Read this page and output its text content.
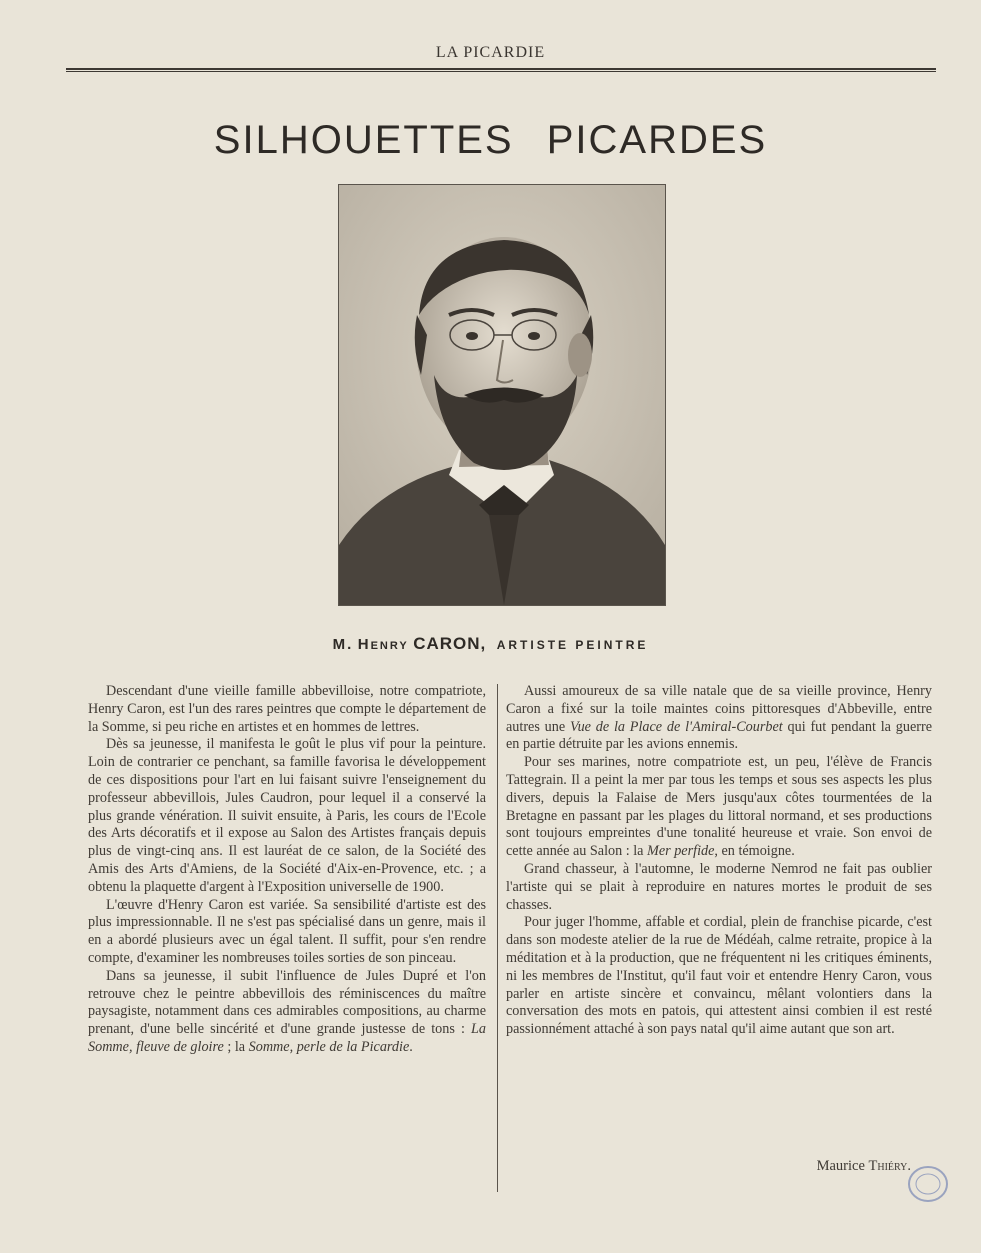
LA PICARDIE
SILHOUETTES PICARDES
M. Henry CARON, ARTISTE PEINTRE

Descendant d'une vieille famille abbevilloise, notre compatriote, Henry Caron, est l'un des rares peintres que compte le département de la Somme, si peu riche en artistes et en hommes de lettres.

Dès sa jeunesse, il manifesta le goût le plus vif pour la peinture. Loin de contrarier ce penchant, sa famille favorisa le développement de ces dispositions pour l'art en lui faisant suivre l'enseignement du professeur abbevillois, Jules Caudron, pour lequel il a conservé la plus grande vénération. Il suivit ensuite, à Paris, les cours de l'Ecole des Arts décoratifs et il expose au Salon des Artistes français depuis plus de vingt-cinq ans. Il est lauréat de ce salon, de la Société des Amis des Arts d'Amiens, de la Société d'Aix-en-Provence, etc. ; a obtenu la plaquette d'argent à l'Exposition universelle de 1900.

L'œuvre d'Henry Caron est variée. Sa sensibilité d'artiste est des plus impressionnable. Il ne s'est pas spécialisé dans un genre, mais il en a abordé plusieurs avec un égal talent. Il suffit, pour s'en rendre compte, d'examiner les nombreuses toiles sorties de son pinceau.

Dans sa jeunesse, il subit l'influence de Jules Dupré et l'on retrouve chez le peintre abbevillois des réminiscences du maître paysagiste, notamment dans ces admirables compositions, au charme prenant, d'une belle sincérité et d'une grande justesse de tons : La Somme, fleuve de gloire ; la Somme, perle de la Picardie.

Aussi amoureux de sa ville natale que de sa vieille province, Henry Caron a fixé sur la toile maintes coins pittoresques d'Abbeville, entre autres une Vue de la Place de l'Amiral-Courbet qui fut pendant la guerre en partie détruite par les avions ennemis.

Pour ses marines, notre compatriote est, un peu, l'élève de Francis Tattegrain. Il a peint la mer par tous les temps et sous ses aspects les plus divers, depuis la Falaise de Mers jusqu'aux côtes tourmentées de la Bretagne en passant par les plages du littoral normand, et ses productions sont toujours empreintes d'une tonalité heureuse et vraie. Son envoi de cette année au Salon : la Mer perfide, en témoigne.

Grand chasseur, à l'automne, le moderne Nemrod ne fait pas oublier l'artiste qui se plait à reproduire en natures mortes le produit de ses chasses.

Pour juger l'homme, affable et cordial, plein de franchise picarde, c'est dans son modeste atelier de la rue de Médéah, calme retraite, propice à la méditation et à la production, que ne fréquentent ni les critiques éminents, ni les membres de l'Institut, qu'il faut voir et entendre Henry Caron, vous parler en artiste sincère et convaincu, mêlant volontiers dans la conversation des mots en patois, qui attestent ainsi combien il est resté passionnément attaché à son pays natal qu'il aime autant que son art.

Maurice Thiéry.
